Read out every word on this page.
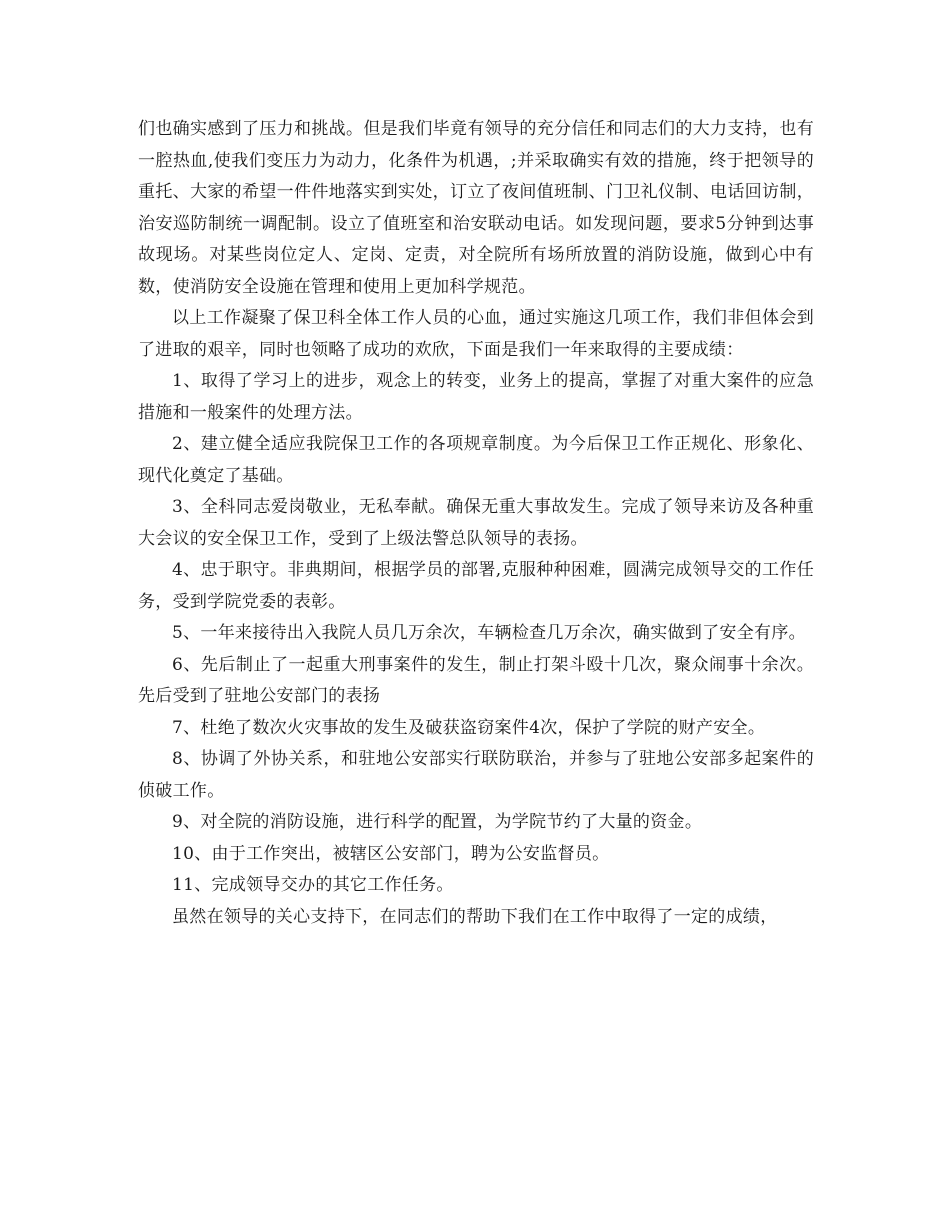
们也确实感到了压力和挑战。但是我们毕竟有领导的充分信任和同志们的大力支持，也有一腔热血,使我们变压力为动力，化条件为机遇，;并采取确实有效的措施，终于把领导的重托、大家的希望一件件地落实到实处，订立了夜间值班制、门卫礼仪制、电话回访制，治安巡防制统一调配制。设立了值班室和治安联动电话。如发现问题，要求5分钟到达事故现场。对某些岗位定人、定岗、定责，对全院所有场所放置的消防设施，做到心中有数，使消防安全设施在管理和使用上更加科学规范。

以上工作凝聚了保卫科全体工作人员的心血，通过实施这几项工作，我们非但体会到了进取的艰辛，同时也领略了成功的欢欣，下面是我们一年来取得的主要成绩：

1、取得了学习上的进步，观念上的转变，业务上的提高，掌握了对重大案件的应急措施和一般案件的处理方法。

2、建立健全适应我院保卫工作的各项规章制度。为今后保卫工作正规化、形象化、现代化奠定了基础。

3、全科同志爱岗敬业，无私奉献。确保无重大事故发生。完成了领导来访及各种重大会议的安全保卫工作，受到了上级法警总队领导的表扬。

4、忠于职守。非典期间，根据学员的部署,克服种种困难，圆满完成领导交的工作任务，受到学院党委的表彰。

5、一年来接待出入我院人员几万余次，车辆检查几万余次，确实做到了安全有序。

6、先后制止了一起重大刑事案件的发生，制止打架斗殴十几次，聚众闹事十余次。先后受到了驻地公安部门的表扬

7、杜绝了数次火灾事故的发生及破获盗窃案件4次，保护了学院的财产安全。

8、协调了外协关系，和驻地公安部实行联防联治，并参与了驻地公安部多起案件的侦破工作。

9、对全院的消防设施，进行科学的配置，为学院节约了大量的资金。

10、由于工作突出，被辖区公安部门，聘为公安监督员。

11、完成领导交办的其它工作任务。

虽然在领导的关心支持下，在同志们的帮助下我们在工作中取得了一定的成绩，
